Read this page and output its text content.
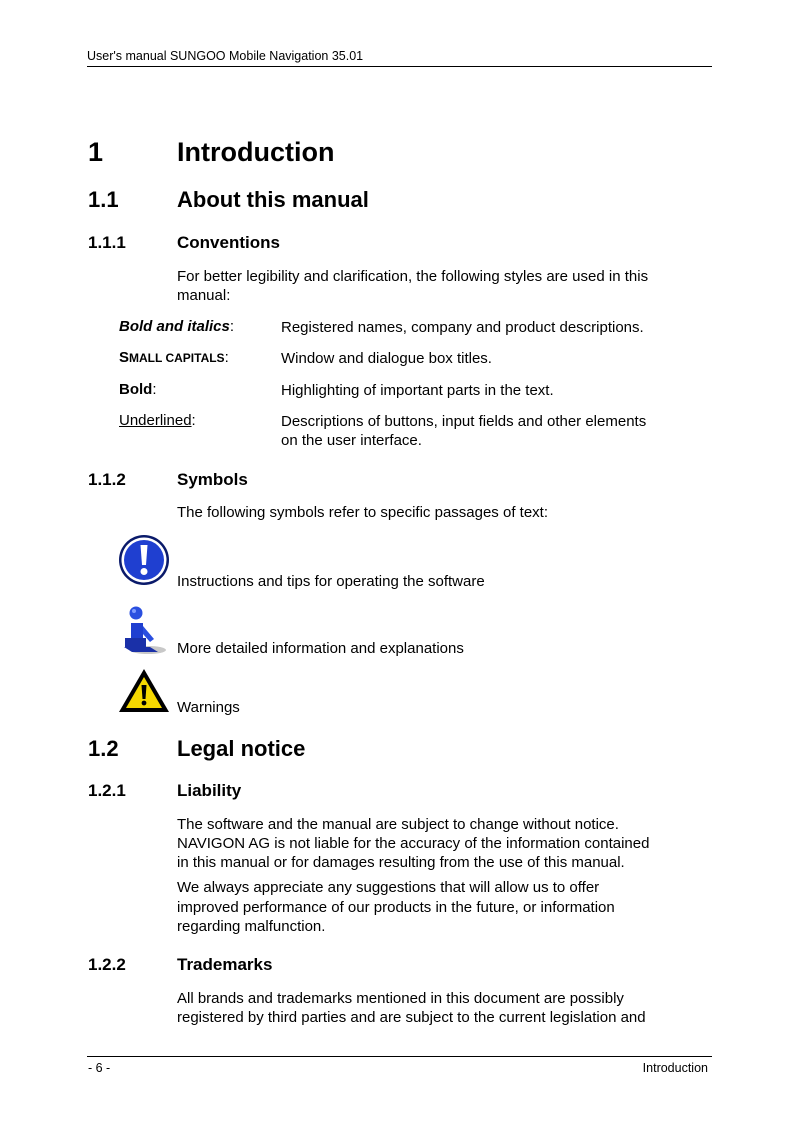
User's manual SUNGOO Mobile Navigation 35.01
1	Introduction
1.1	About this manual
1.1.1	Conventions
For better legibility and clarification, the following styles are used in this
manual:
Bold and italics:	Registered names, company and product descriptions.
SMALL CAPITALS:	Window and dialogue box titles.
Bold:	Highlighting of important parts in the text.
Underlined:	Descriptions of buttons, input fields and other elements
on the user interface.
1.1.2	Symbols
The following symbols refer to specific passages of text:
Instructions and tips for operating the software
More detailed information and explanations
Warnings
1.2	Legal notice
1.2.1	Liability
The software and the manual are subject to change without notice.
NAVIGON AG is not liable for the accuracy of the information contained
in this manual or for damages resulting from the use of this manual.
We always appreciate any suggestions that will allow us to offer
improved performance of our products in the future, or information
regarding malfunction.
1.2.2	Trademarks
All brands and trademarks mentioned in this document are possibly
registered by third parties and are subject to the current legislation and
- 6 -	Introduction
